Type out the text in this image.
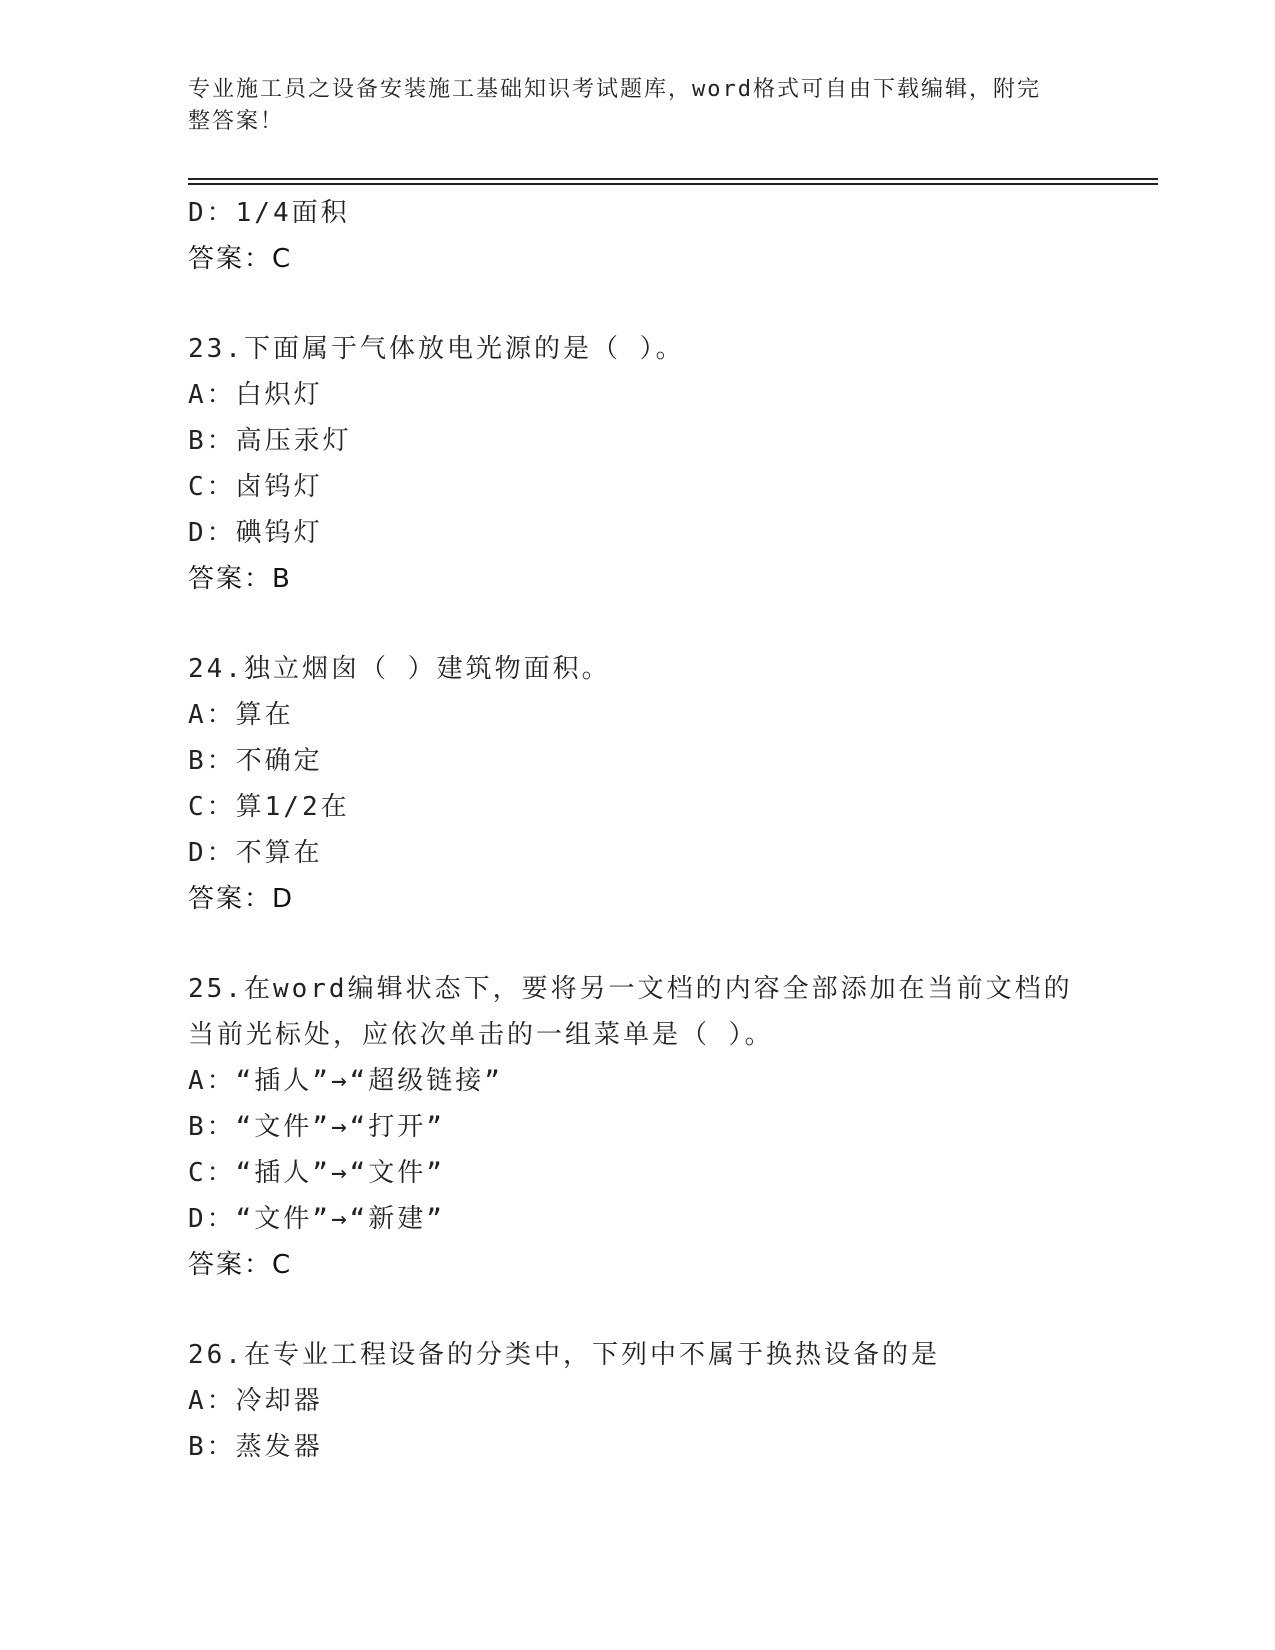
专业施工员之设备安装施工基础知识考试题库，word格式可自由下载编辑，附完
整答案！
D：1/4面积
答案：C
23.下面属于气体放电光源的是（ ）。
A：白炽灯
B：高压汞灯
C：卤钨灯
D：碘钨灯
答案：B
24.独立烟囱（ ）建筑物面积。
A：算在
B：不确定
C：算1/2在
D：不算在
答案：D
25.在word编辑状态下，要将另一文档的内容全部添加在当前文档的
当前光标处，应依次单击的一组菜单是（ ）。
A：“插人”→“超级链接”
B：“文件”→“打开”
C：“插人”→“文件”
D：“文件”→“新建”
答案：C
26.在专业工程设备的分类中，下列中不属于换热设备的是
A：冷却器
B：蒸发器
